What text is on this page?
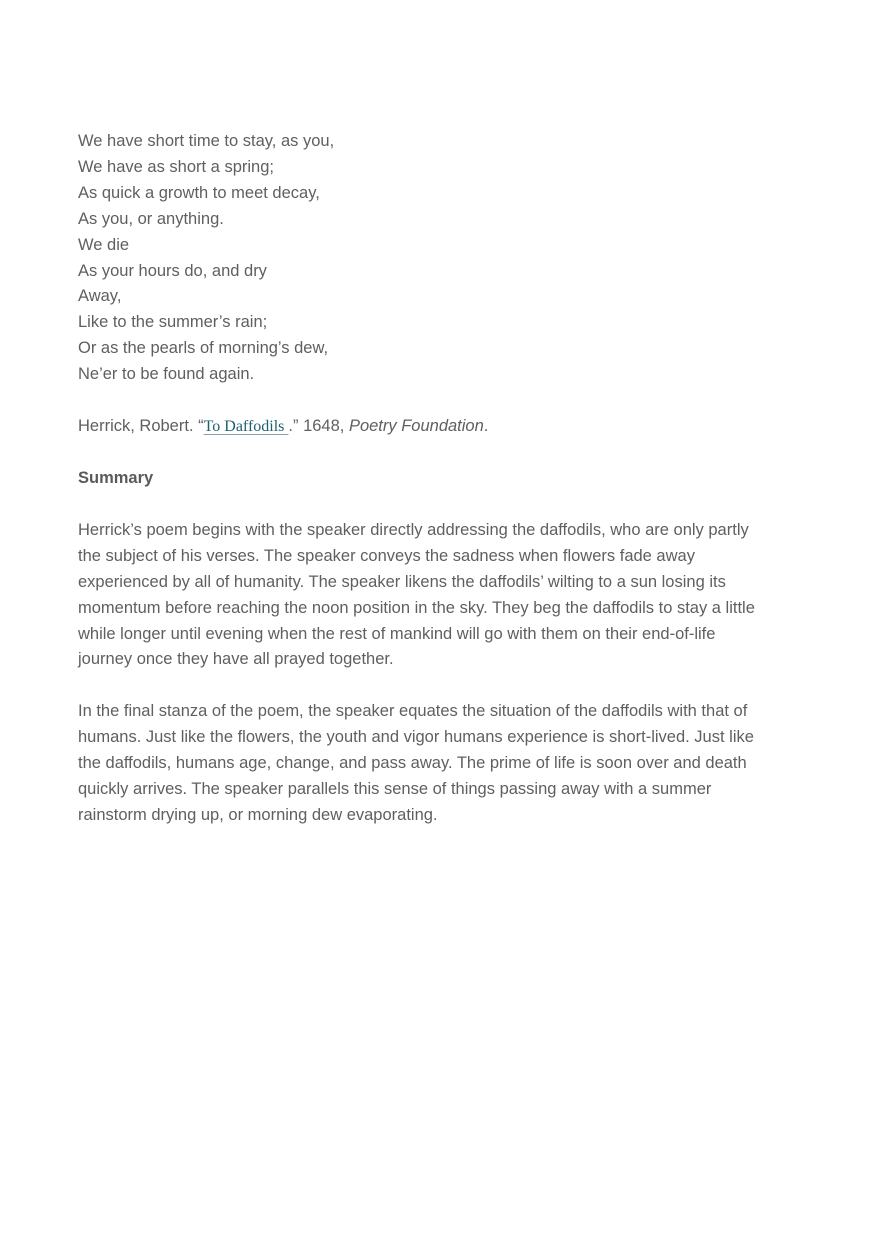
We have short time to stay, as you,
We have as short a spring;
As quick a growth to meet decay,
As you, or anything.
We die
As your hours do, and dry
Away,
Like to the summer’s rain;
Or as the pearls of morning’s dew,
Ne’er to be found again.
Herrick, Robert. “To Daffodils .” 1648, Poetry Foundation.
Summary
Herrick’s poem begins with the speaker directly addressing the daffodils, who are only partly
the subject of his verses. The speaker conveys the sadness when flowers fade away
experienced by all of humanity. The speaker likens the daffodils’ wilting to a sun losing its
momentum before reaching the noon position in the sky. They beg the daffodils to stay a little
while longer until evening when the rest of mankind will go with them on their end-of-life
journey once they have all prayed together.
In the final stanza of the poem, the speaker equates the situation of the daffodils with that of
humans. Just like the flowers, the youth and vigor humans experience is short-lived. Just like
the daffodils, humans age, change, and pass away. The prime of life is soon over and death
quickly arrives. The speaker parallels this sense of things passing away with a summer
rainstorm drying up, or morning dew evaporating.
